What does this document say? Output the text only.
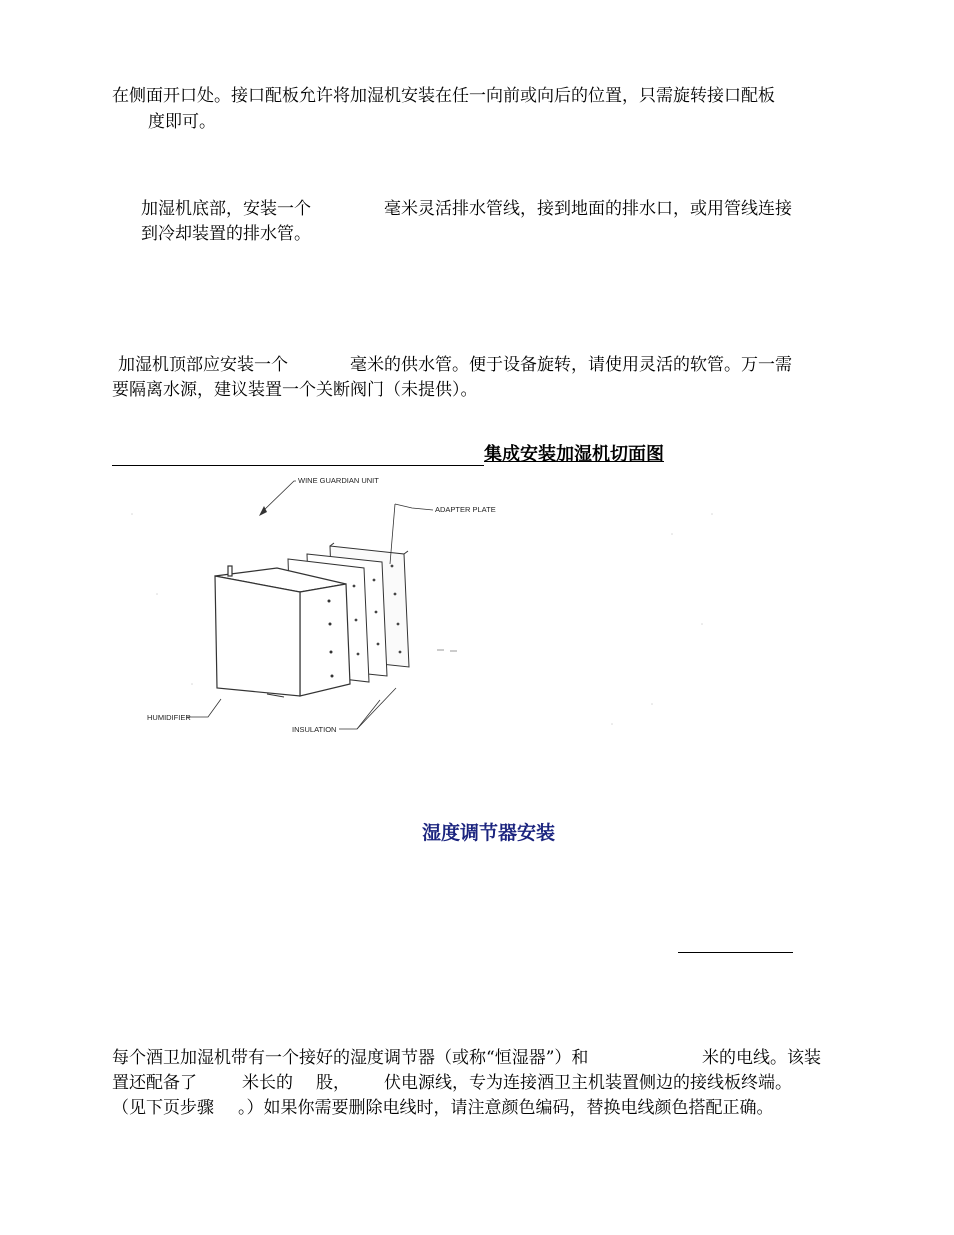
在侧面开口处。接口配板允许将加湿机安装在任一向前或向后的位置，只需旋转接口配板
度即可。
加湿机底部，安装一个	毫米灵活排水管线，接到地面的排水口，或用管线连接
到冷却装置的排水管。
加湿机顶部应安装一个	毫米的供水管。便于设备旋转，请使用灵活的软管。万一需
要隔离水源，建议装置一个关断阀门（未提供）。
集成安装加湿机切面图
WINE GUARDIAN UNIT
ADAPTER PLATE
HUMIDIFIER
INSULATION
湿度调节器安装
每个酒卫加湿机带有一个接好的湿度调节器（或称“恒湿器”）和	米的电线。该装
置还配备了	米长的 股， 伏电源线，专为连接酒卫主机装置侧边的接线板终端。
（见下页步骤 。）如果你需要删除电线时，请注意颜色编码，替换电线颜色搭配正确。
